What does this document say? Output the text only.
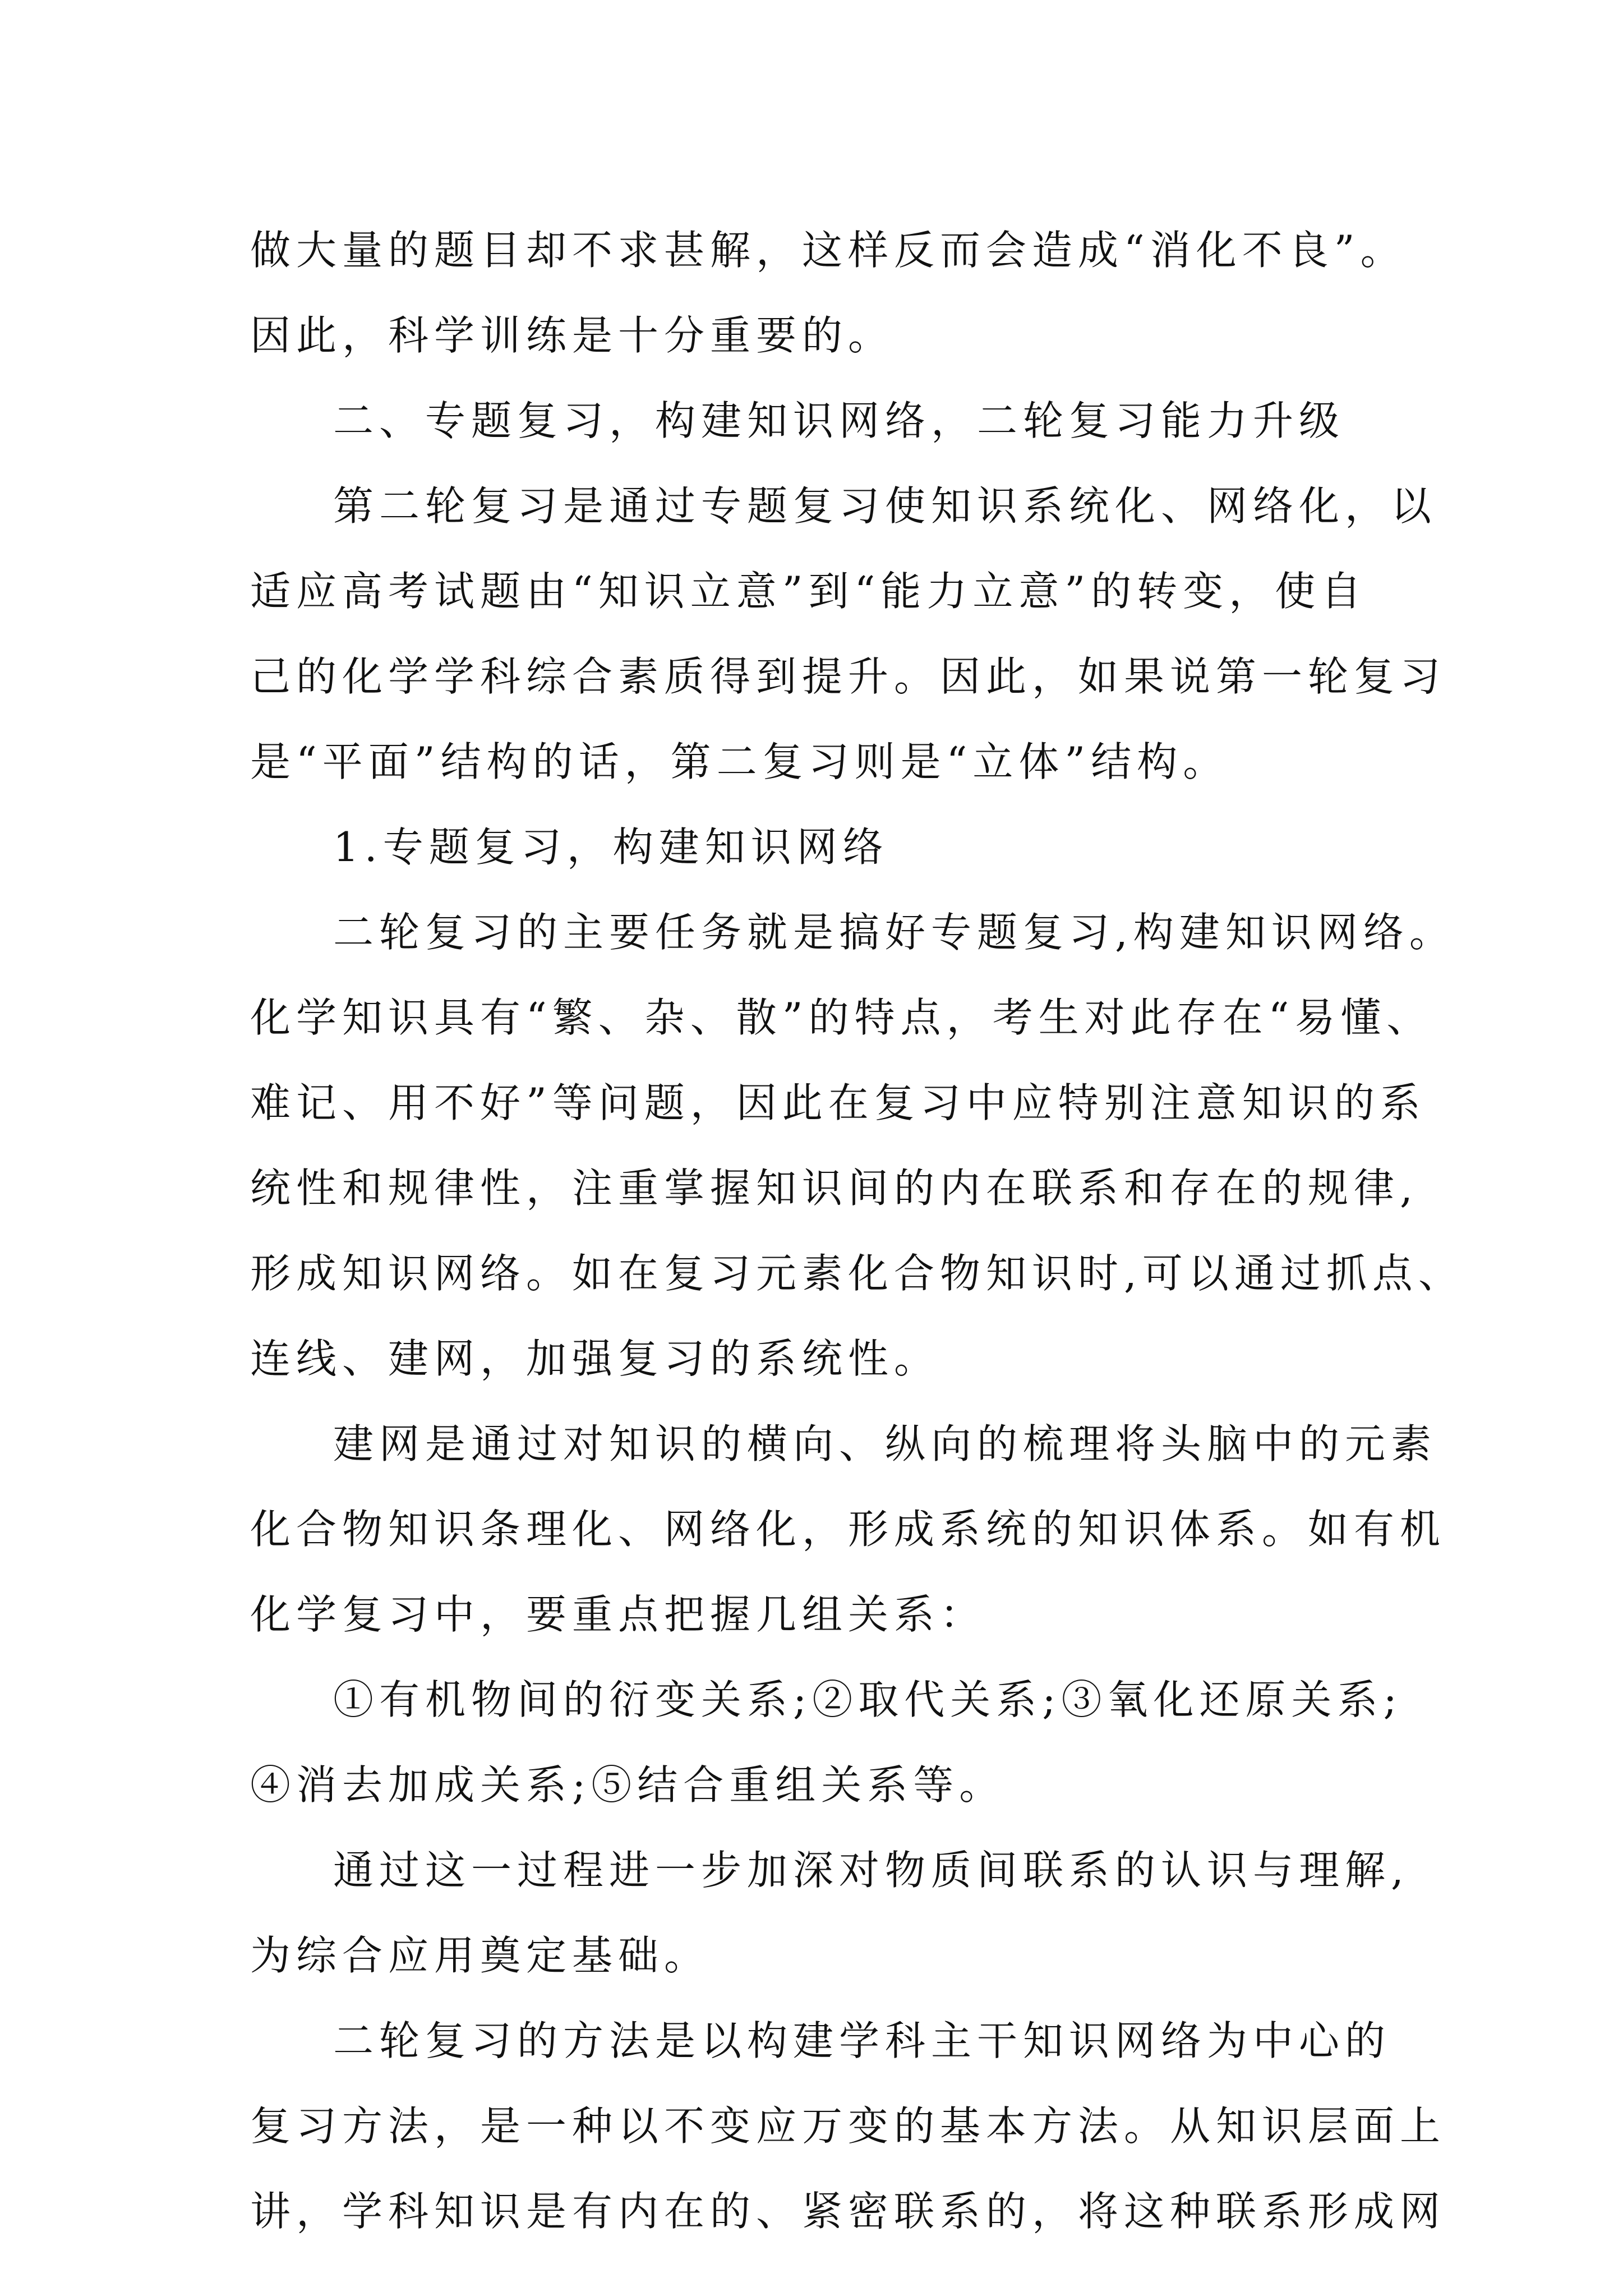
做大量的题目却不求甚解，这样反而会造成“消化不良”。
因此，科学训练是十分重要的。
二、专题复习，构建知识网络，二轮复习能力升级
第二轮复习是通过专题复习使知识系统化、网络化，以
适应高考试题由“知识立意”到“能力立意”的转变，使自
己的化学学科综合素质得到提升。因此，如果说第一轮复习
是“平面”结构的话，第二复习则是“立体”结构。
1.专题复习，构建知识网络
二轮复习的主要任务就是搞好专题复习,构建知识网络。
化学知识具有“繁、杂、散”的特点，考生对此存在“易懂、
难记、用不好”等问题，因此在复习中应特别注意知识的系
统性和规律性，注重掌握知识间的内在联系和存在的规律,
形成知识网络。如在复习元素化合物知识时,可以通过抓点、
连线、建网，加强复习的系统性。
建网是通过对知识的横向、纵向的梳理将头脑中的元素
化合物知识条理化、网络化，形成系统的知识体系。如有机
化学复习中，要重点把握几组关系：
①有机物间的衍变关系;②取代关系;③氧化还原关系;
④消去加成关系;⑤结合重组关系等。
通过这一过程进一步加深对物质间联系的认识与理解,
为综合应用奠定基础。
二轮复习的方法是以构建学科主干知识网络为中心的
复习方法，是一种以不变应万变的基本方法。从知识层面上
讲，学科知识是有内在的、紧密联系的，将这种联系形成网
